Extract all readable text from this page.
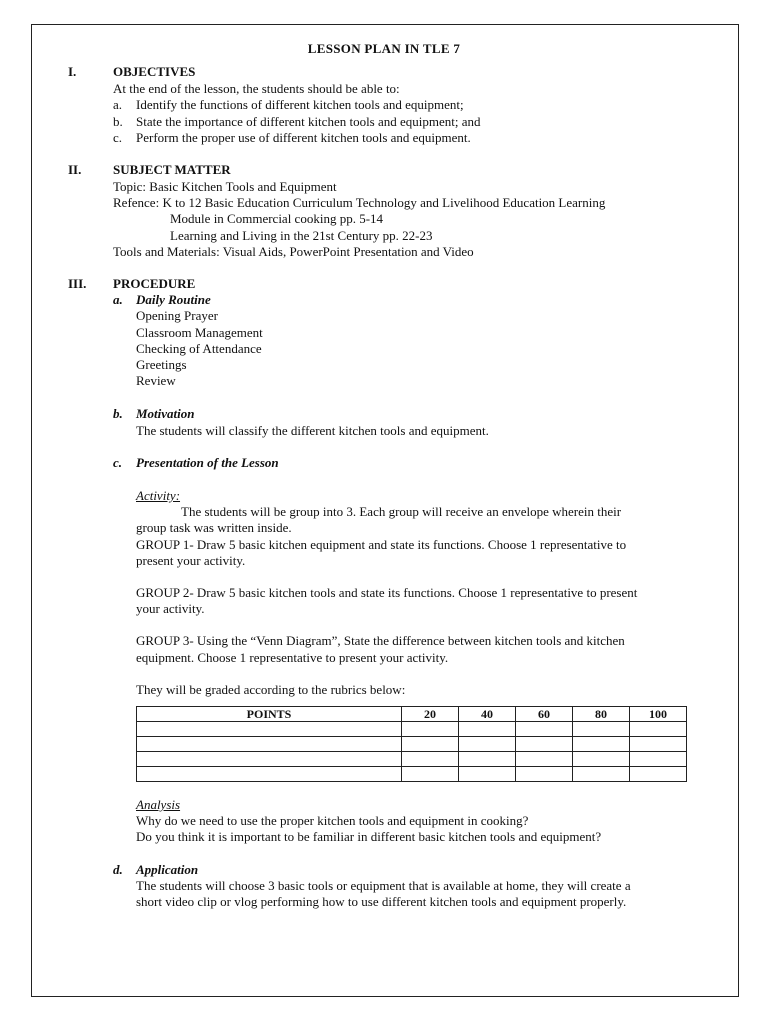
LESSON PLAN IN TLE 7
I.	OBJECTIVES
At the end of the lesson, the students should be able to:
a. Identify the functions of different kitchen tools and equipment;
b. State the importance of different kitchen tools and equipment; and
c. Perform the proper use of different kitchen tools and equipment.
II. SUBJECT MATTER
Topic: Basic Kitchen Tools and Equipment
Refence: K to 12 Basic Education Curriculum Technology and Livelihood Education Learning
Module in Commercial cooking pp. 5-14
Learning and Living in the 21st Century pp. 22-23
Tools and Materials: Visual Aids, PowerPoint Presentation and Video
III. PROCEDURE
a. Daily Routine
Opening Prayer
Classroom Management
Checking of Attendance
Greetings
Review
b. Motivation
The students will classify the different kitchen tools and equipment.
c. Presentation of the Lesson
Activity:
The students will be group into 3. Each group will receive an envelope wherein their
group task was written inside.
GROUP 1- Draw 5 basic kitchen equipment and state its functions. Choose 1 representative to
present your activity.
GROUP 2- Draw 5 basic kitchen tools and state its functions. Choose 1 representative to present
your activity.
GROUP 3- Using the “Venn Diagram”, State the difference between kitchen tools and kitchen
equipment. Choose 1 representative to present your activity.
They will be graded according to the rubrics below:
POINTS	20	40	60	80	100

Analysis
Why do we need to use the proper kitchen tools and equipment in cooking?
Do you think it is important to be familiar in different basic kitchen tools and equipment?
d. Application
The students will choose 3 basic tools or equipment that is available at home, they will create a
short video clip or vlog performing how to use different kitchen tools and equipment properly.
